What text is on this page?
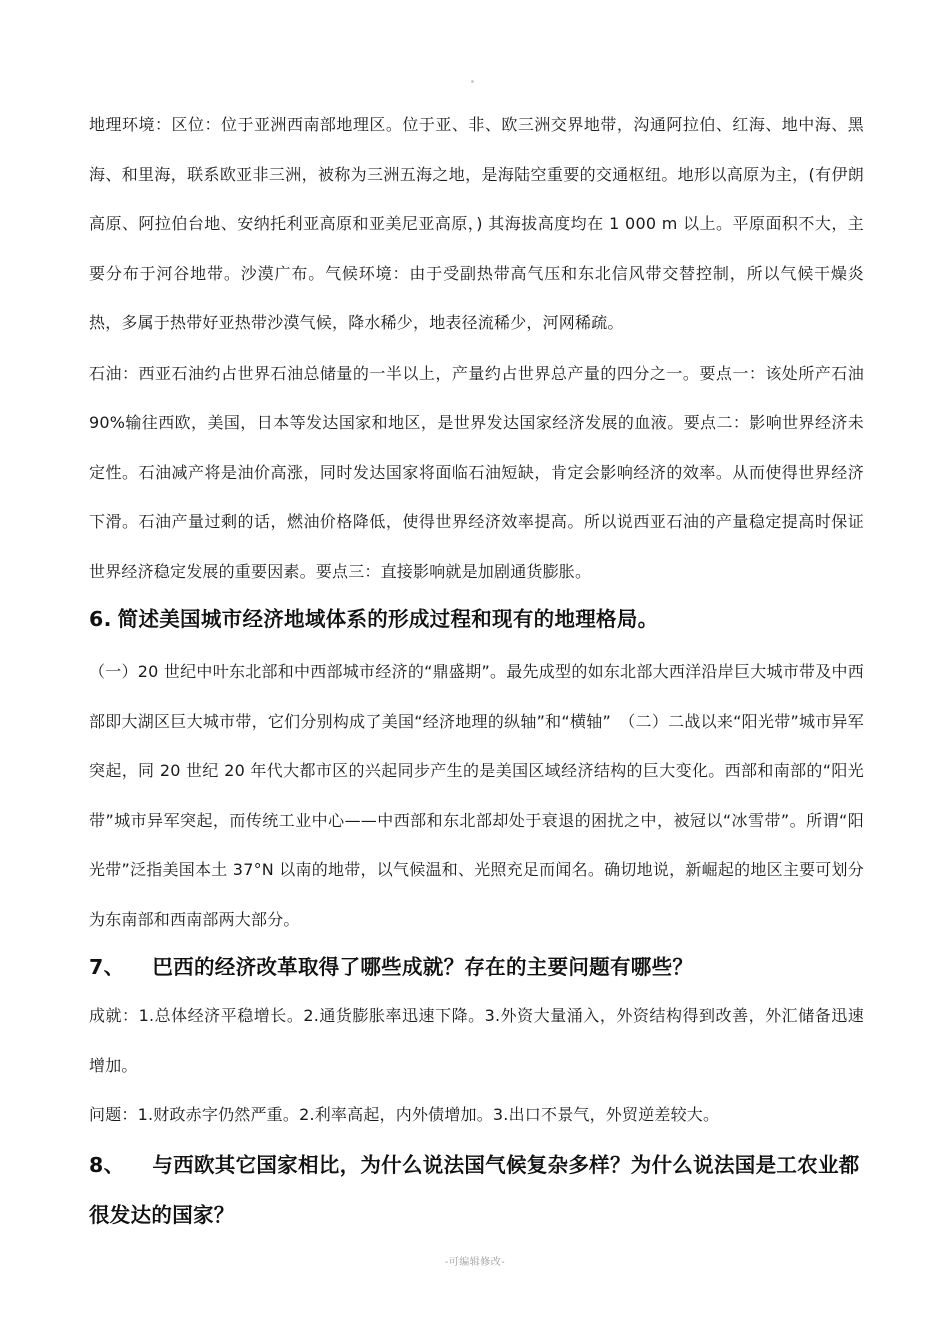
地理环境：区位：位于亚洲西南部地理区。位于亚、非、欧三洲交界地带，沟通阿拉伯、红海、地中海、黑海、和里海，联系欧亚非三洲，被称为三洲五海之地，是海陆空重要的交通枢纽。地形以高原为主，(有伊朗高原、阿拉伯台地、安纳托利亚高原和亚美尼亚高原，) 其海拔高度均在 1 000 m 以上。平原面积不大，主要分布于河谷地带。沙漠广布。气候环境：由于受副热带高气压和东北信风带交替控制，所以气候干燥炎热，多属于热带好亚热带沙漠气候，降水稀少，地表径流稀少，河网稀疏。

石油：西亚石油约占世界石油总储量的一半以上，产量约占世界总产量的四分之一。要点一：该处所产石油 90%输往西欧，美国，日本等发达国家和地区，是世界发达国家经济发展的血液。要点二：影响世界经济未定性。石油减产将是油价高涨，同时发达国家将面临石油短缺，肯定会影响经济的效率。从而使得世界经济下滑。石油产量过剩的话，燃油价格降低，使得世界经济效率提高。所以说西亚石油的产量稳定提高时保证世界经济稳定发展的重要因素。要点三：直接影响就是加剧通货膨胀。

6. 简述美国城市经济地域体系的形成过程和现有的地理格局。

（一）20 世纪中叶东北部和中西部城市经济的“鼎盛期”。最先成型的如东北部大西洋沿岸巨大城市带及中西部即大湖区巨大城市带，它们分别构成了美国“经济地理的纵轴”和“横轴”　（二）二战以来“阳光带”城市异军突起，同 20 世纪 20 年代大都市区的兴起同步产生的是美国区域经济结构的巨大变化。西部和南部的“阳光带”城市异军突起，而传统工业中心——中西部和东北部却处于衰退的困扰之中，被冠以“冰雪带”。所谓“阳光带”泛指美国本土 37°N 以南的地带，以气候温和、光照充足而闻名。确切地说，新崛起的地区主要可划分为东南部和西南部两大部分。

7、 巴西的经济改革取得了哪些成就？存在的主要问题有哪些？

成就：1.总体经济平稳增长。2.通货膨胀率迅速下降。3.外资大量涌入，外资结构得到改善，外汇储备迅速增加。

问题：1.财政赤字仍然严重。2.利率高起，内外债增加。3.出口不景气，外贸逆差较大。

8、 与西欧其它国家相比，为什么说法国气候复杂多样？为什么说法国是工农业都很发达的国家？
-可编辑修改-
